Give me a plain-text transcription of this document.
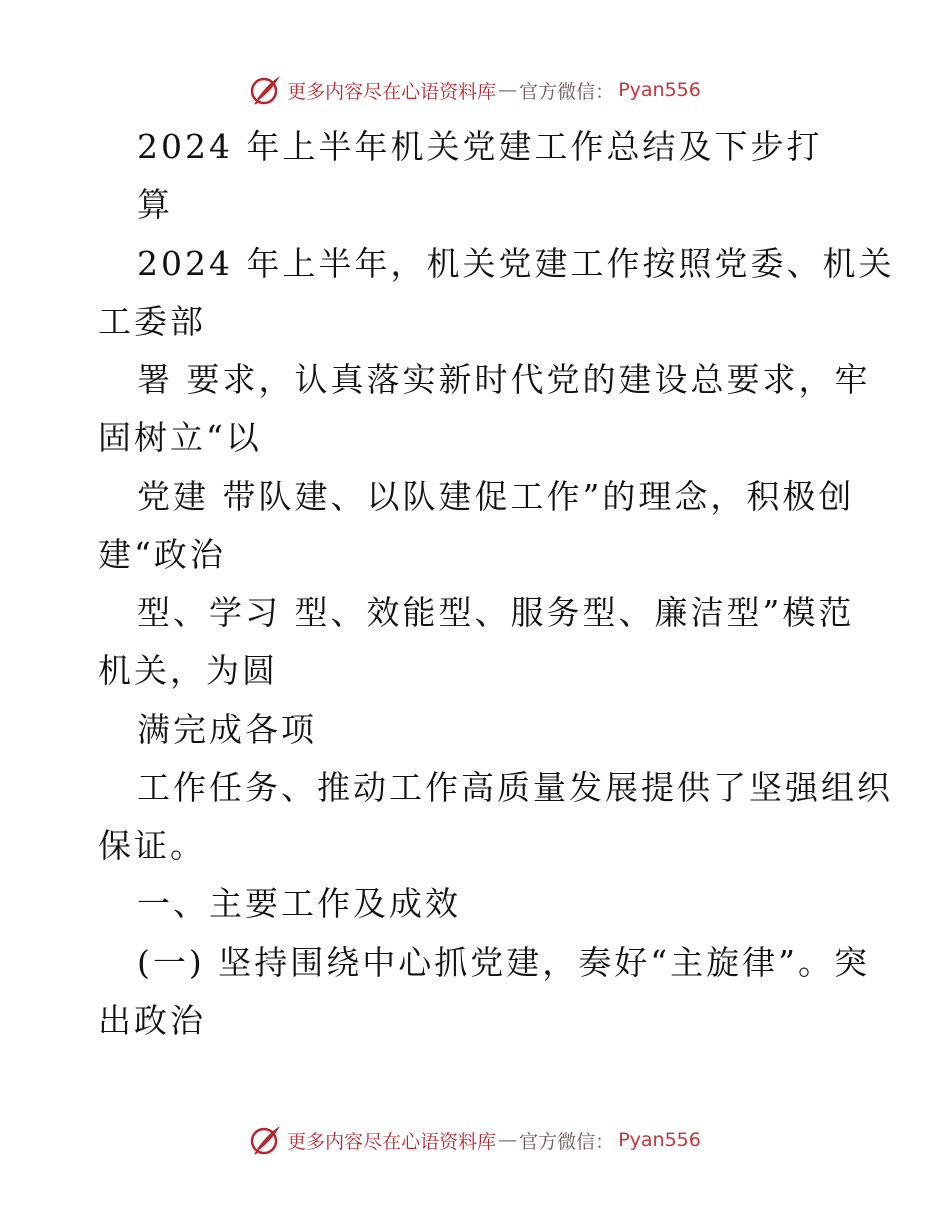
更多内容尽在心语资料库 — 官方微信： Pyan556
2024 年上半年机关党建工作总结及下步打
算
2024 年上半年，机关党建工作按照党委、机关
工委部
署 要求，认真落实新时代党的建设总要求，牢
固树立“以
党建 带队建、以队建促工作”的理念，积极创
建“政治
型、学习 型、效能型、服务型、廉洁型”模范
机关，为圆
满完成各项
工作任务、推动工作高质量发展提供了坚强组织
保证。
一、主要工作及成效
(一) 坚持围绕中心抓党建，奏好“主旋律”。突
出政治
更多内容尽在心语资料库 — 官方微信： Pyan556
